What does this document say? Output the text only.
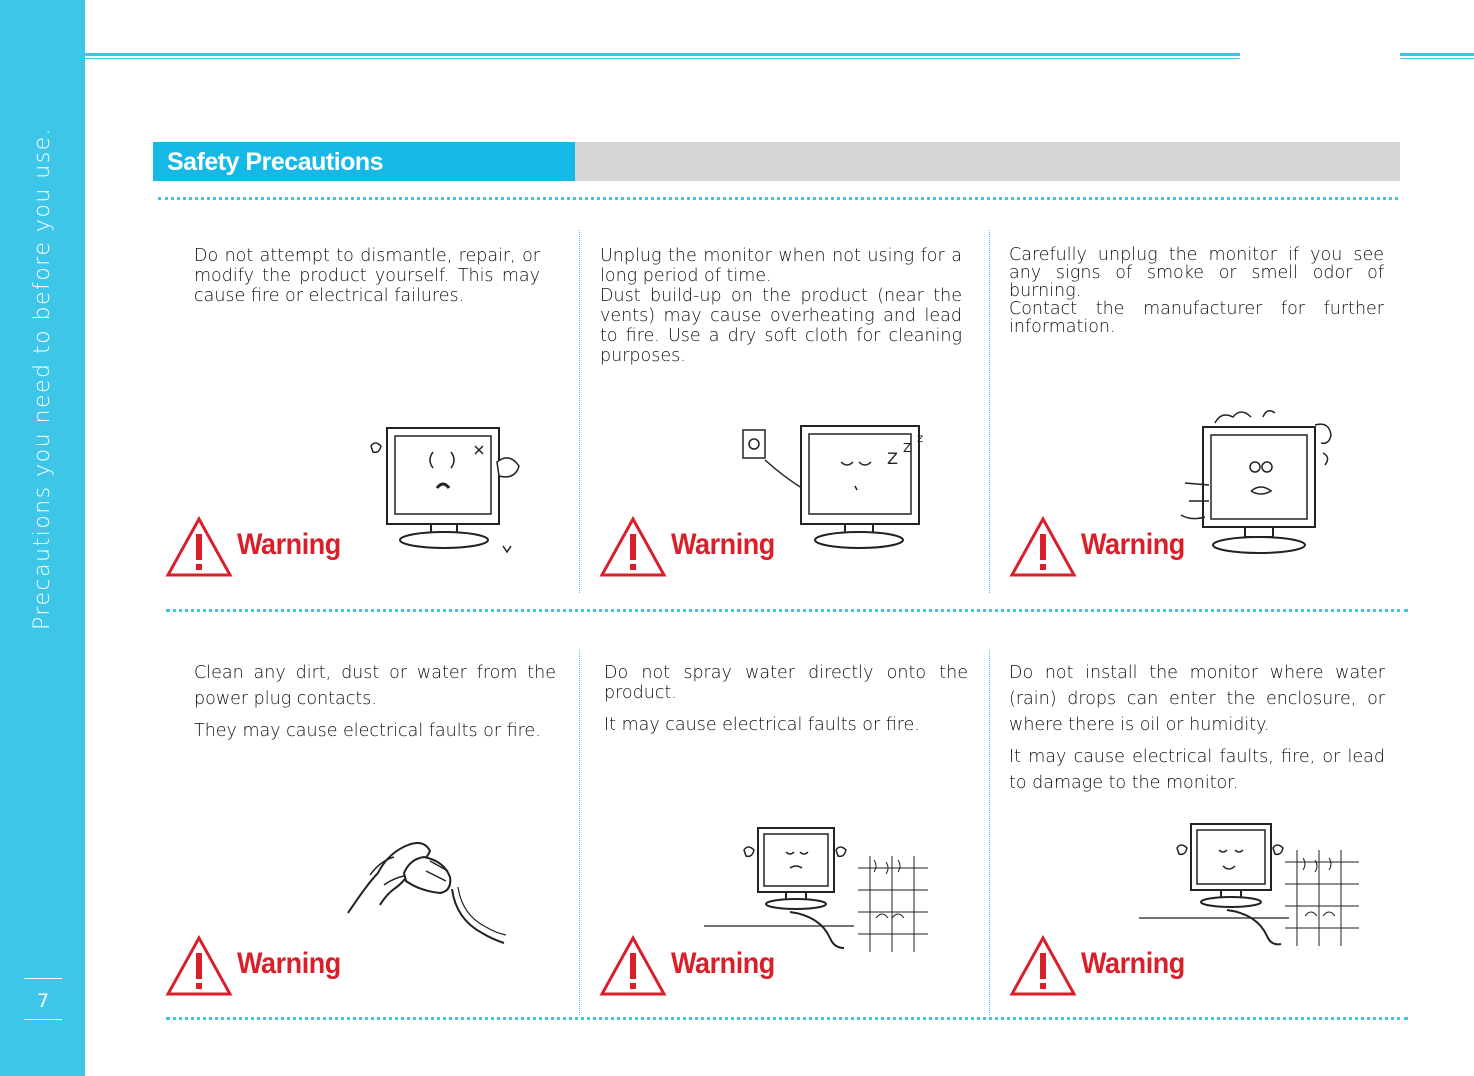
Precautions you need to before you use.
7
Safety Precautions

Do not attempt to dismantle, repair, or modify the product yourself. This may cause fire or electrical failures.

Warning

Unplug the monitor when not using for a long period of time.

Dust build-up on the product (near the vents) may cause overheating and lead to fire. Use a dry soft cloth for cleaning purposes.

Z
Z
Z
Warning

Carefully unplug the monitor if you see any signs of smoke or smell odor of burning.

Contact the manufacturer for further information.

Warning

Clean any dirt, dust or water from the power plug contacts.

They may cause electrical faults or fire.

Warning

Do not spray water directly onto the product.

It may cause electrical faults or fire.

Warning

Do not install the monitor where water (rain) drops can enter the enclosure, or where there is oil or humidity.

It may cause electrical faults, fire, or lead to damage to the monitor.

Warning
